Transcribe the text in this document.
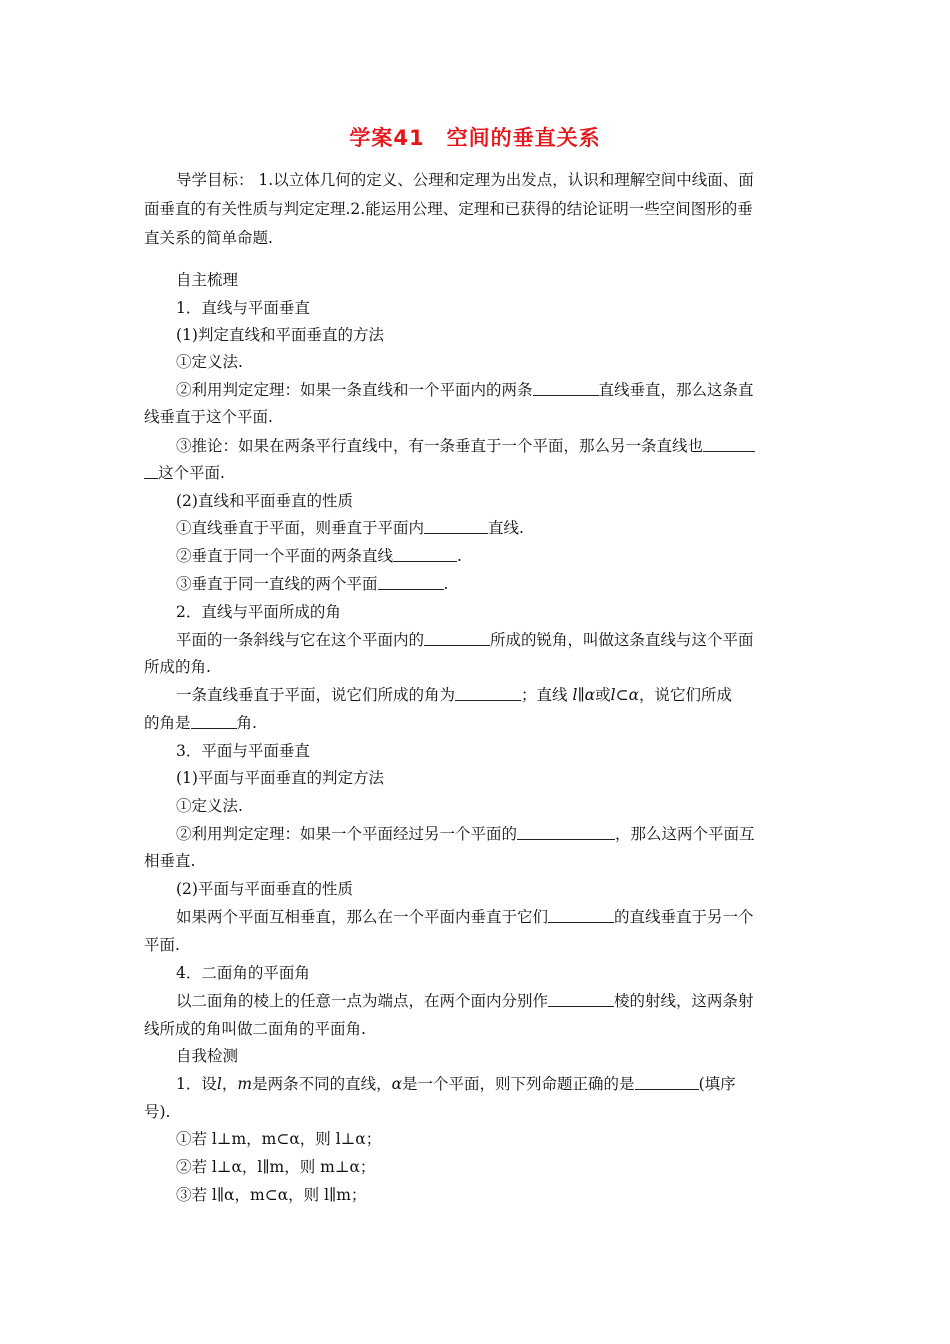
学案41　空间的垂直关系
导学目标： 1.以立体几何的定义、公理和定理为出发点，认识和理解空间中线面、面
面垂直的有关性质与判定定理.2.能运用公理、定理和已获得的结论证明一些空间图形的垂
直关系的简单命题.
自主梳理
1．直线与平面垂直
(1)判定直线和平面垂直的方法
①定义法.
②利用判定定理：如果一条直线和一个平面内的两条	直线垂直，那么这条直
线垂直于这个平面.
③推论：如果在两条平行直线中，有一条垂直于一个平面，那么另一条直线也
这个平面.
(2)直线和平面垂直的性质
①直线垂直于平面，则垂直于平面内	直线.
②垂直于同一个平面的两条直线	.
③垂直于同一直线的两个平面	.
2．直线与平面所成的角
平面的一条斜线与它在这个平面内的	所成的锐角，叫做这条直线与这个平面
所成的角.
一条直线垂直于平面，说它们所成的角为	；直线 l∥α或l⊂α，说它们所成
的角是	角.
3．平面与平面垂直
(1)平面与平面垂直的判定方法
①定义法.
②利用判定定理：如果一个平面经过另一个平面的	，那么这两个平面互
相垂直.
(2)平面与平面垂直的性质
如果两个平面互相垂直，那么在一个平面内垂直于它们	的直线垂直于另一个
平面.
4．二面角的平面角
以二面角的棱上的任意一点为端点，在两个面内分别作	棱的射线，这两条射
线所成的角叫做二面角的平面角.
自我检测
1．设l，m是两条不同的直线，α是一个平面，则下列命题正确的是	(填序
号).
①若 l⊥m，m⊂α，则 l⊥α；
②若 l⊥α，l∥m，则 m⊥α；
③若 l∥α，m⊂α，则 l∥m；
